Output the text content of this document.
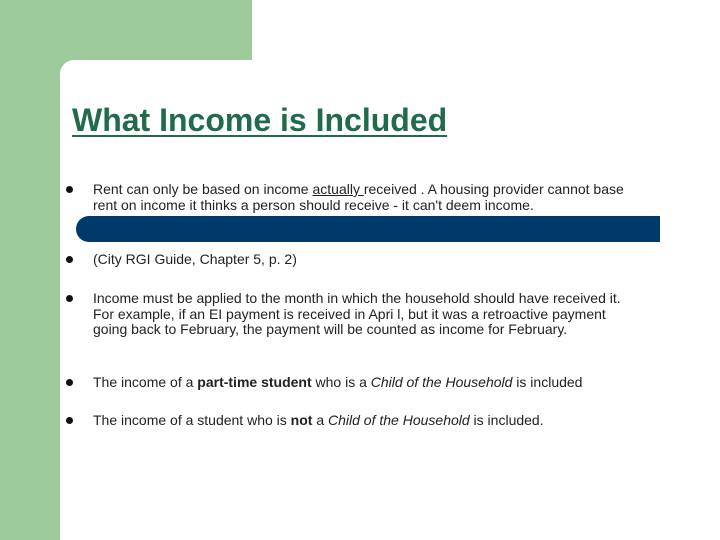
What Income is Included
Rent can only be based on income actually received . A housing provider cannot base rent on income it thinks a person should receive - it can't deem income.
(City RGI Guide, Chapter 5, p. 2)
Income must be applied to the month in which the household should have received it. For example, if an EI payment is received in Apri l, but it was a retroactive payment going back to February, the payment will be counted as income for February.
The income of a part-time student who is a Child of the Household is included
The income of a student who is not a Child of the Household is included.
